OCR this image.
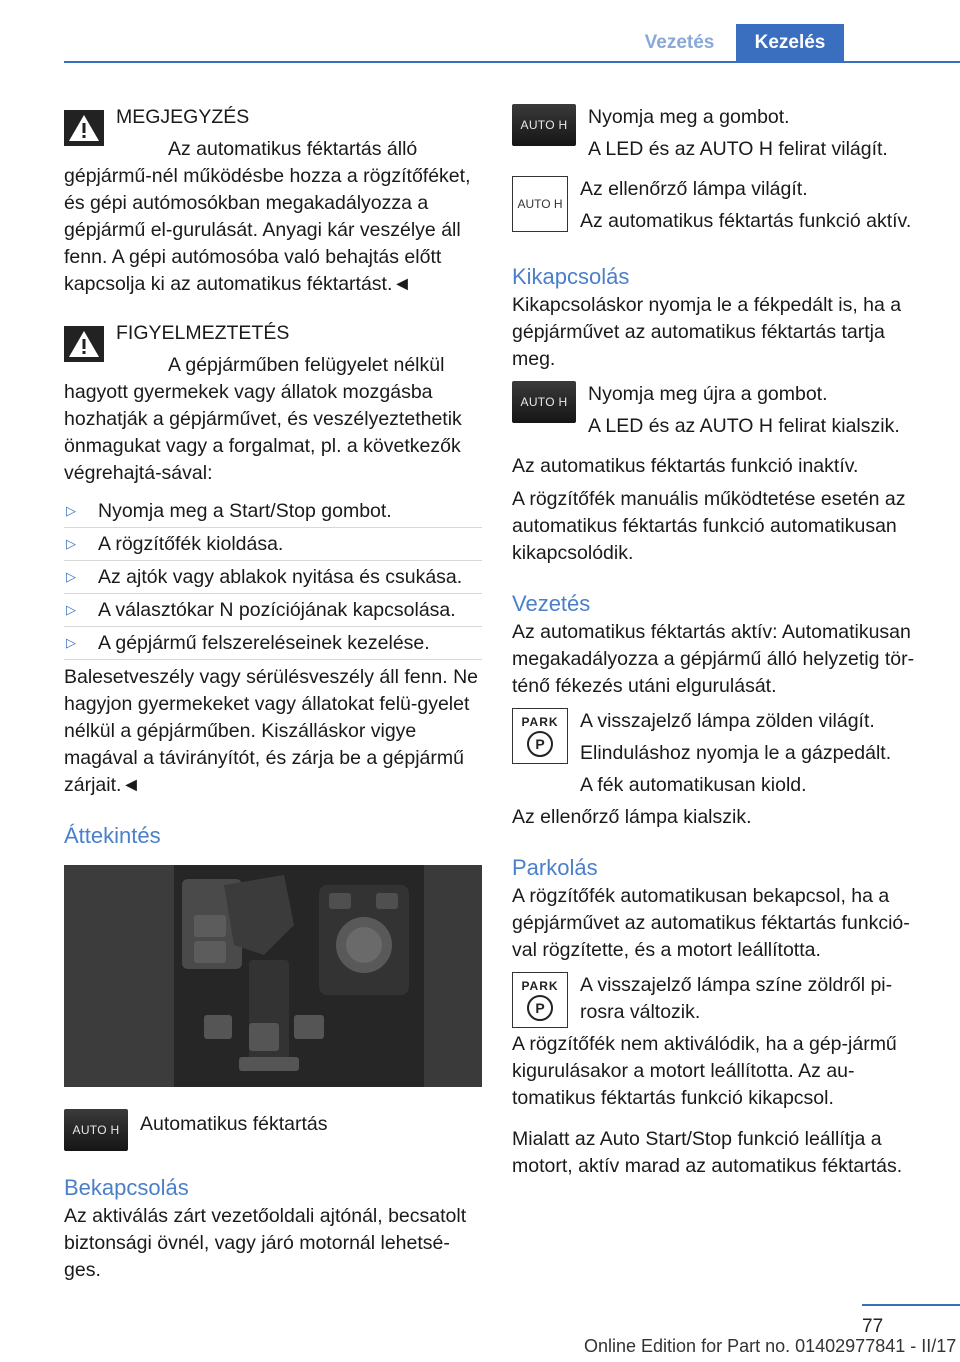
Vezetés	Kezelés

MEGJEGYZÉS

Az automatikus féktartás álló gépjármű-nél működésbe hozza a rögzítőféket, és gépi autómosókban megakadályozza a gépjármű el-gurulását. Anyagi kár veszélye áll fenn. A gépi autómosóba való behajtás előtt kapcsolja ki az automatikus féktartást.◄

FIGYELMEZTETÉS

A gépjárműben felügyelet nélkül hagyott gyermekek vagy állatok mozgásba hozhatják a gépjárművet, és veszélyeztethetik önmagukat vagy a forgalmat, pl. a következők végrehajtá-sával:

▷ Nyomja meg a Start/Stop gombot.
▷ A rögzítőfék kioldása.
▷ Az ajtók vagy ablakok nyitása és csukása.
▷ A választókar N pozíciójának kapcsolása.
▷ A gépjármű felszereléseinek kezelése.

Balesetveszély vagy sérülésveszély áll fenn. Ne hagyjon gyermekeket vagy állatokat felü-gyelet nélkül a gépjárműben. Kiszálláskor vigye magával a távirányítót, és zárja be a gépjármű zárjait.◄

Áttekintés
AUTO H	Automatikus féktartás

Bekapcsolás

Az aktiválás zárt vezetőoldali ajtónál, becsatolt biztonsági övnél, vagy járó motornál lehetsé-ges.

AUTO H	Nyomja meg a gombot.

A LED és az AUTO H felirat világít.

AUTO H

Az ellenőrző lámpa világít.

Az automatikus féktartás funkció aktív.

Kikapcsolás

Kikapcsoláskor nyomja le a fékpedált is, ha a gépjárművet az automatikus féktartás tartja meg.

AUTO H	Nyomja meg újra a gombot.

A LED és az AUTO H felirat kialszik.

Az automatikus féktartás funkció inaktív.

A rögzítőfék manuális működtetése esetén az automatikus féktartás funkció automatikusan kikapcsolódik.

Vezetés

Az automatikus féktartás aktív: Automatikusan megakadályozza a gépjármű álló helyzetig tör-ténő fékezés utáni elgurulását.

PARK
P

A visszajelző lámpa zölden világít.

Elinduláshoz nyomja le a gázpedált.

A fék automatikusan kiold.

Az ellenőrző lámpa kialszik.

Parkolás

A rögzítőfék automatikusan bekapcsol, ha a gépjárművet az automatikus féktartás funkció-val rögzítette, és a motort leállította.

PARK
P

A visszajelző lámpa színe zöldről pi-rosra változik.

A rögzítőfék nem aktiválódik, ha a gép-jármű kigurulásakor a motort leállította. Az au-tomatikus féktartás funkció kikapcsol.

Mialatt az Auto Start/Stop funkció leállítja a motort, aktív marad az automatikus féktartás.

77
Online Edition for Part no. 01402977841 - II/17
